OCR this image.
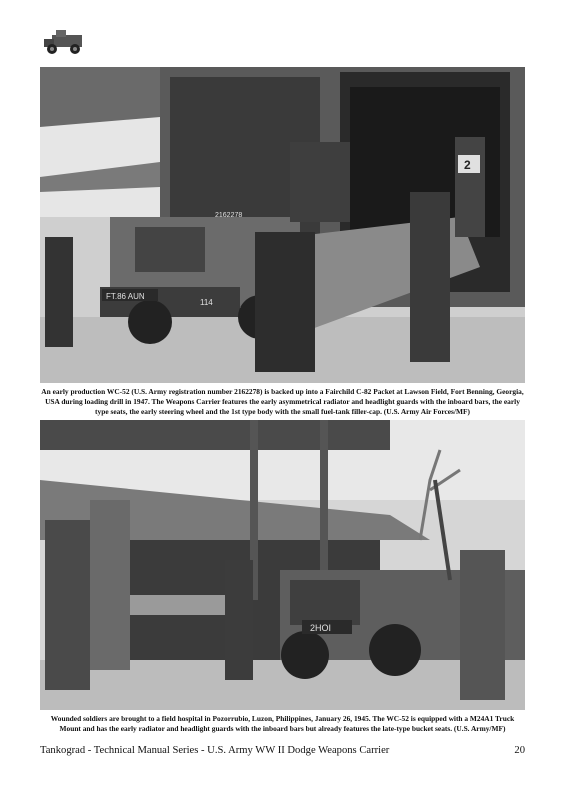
FT.86 AUN
114
2162278
2
An early production WC-52 (U.S. Army registration number 2162278) is backed up into a Fairchild C-82 Packet at Lawson Field, Fort Benning, Georgia, USA during loading drill in 1947. The Weapons Carrier features the early asymmetrical radiator and headlight guards with the inboard bars, the early type seats, the early steering wheel and the 1st type body with the small fuel-tank filler-cap. (U.S. Army Air Forces/MF)
2HOI
Wounded soldiers are brought to a field hospital in Pozorrubio, Luzon, Philippines, January 26, 1945. The WC-52 is equipped with a M24A1 Truck Mount and has the early radiator and headlight guards with the inboard bars but already features the late-type bucket seats. (U.S. Army/MF)
Tankograd - Technical Manual Series - U.S. Army WW II Dodge Weapons Carrier	20
